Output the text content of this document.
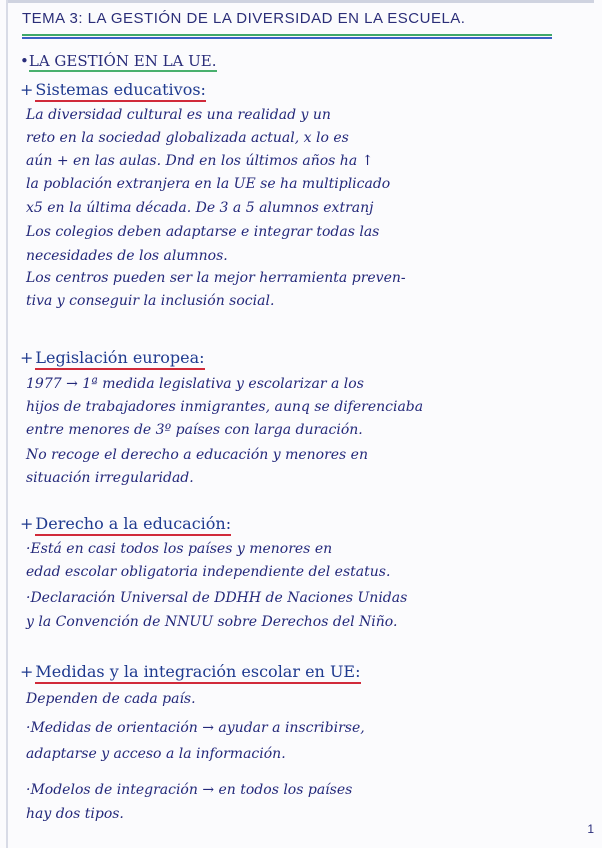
TEMA 3: LA GESTIÓN DE LA DIVERSIDAD EN LA ESCUELA.
•LA GESTIÓN EN LA UE.
+ Sistemas educativos:
La diversidad cultural es una realidad y un
reto en la sociedad globalizada actual, x lo es
aún + en las aulas. Dnd en los últimos años ha ↑
la población extranjera en la UE se ha multiplicado
x5 en la última década. De 3 a 5 alumnos extranj
Los colegios deben adaptarse e integrar todas las
necesidades de los alumnos.
Los centros pueden ser la mejor herramienta preven-
tiva y conseguir la inclusión social.
+ Legislación europea:
1977 → 1ª medida legislativa y escolarizar a los
hijos de trabajadores inmigrantes, aunq se diferenciaba
entre menores de 3º países con larga duración.
No recoge el derecho a educación y menores en
situación irregularidad.
+ Derecho a la educación:
·Está en casi todos los países y menores en
edad escolar obligatoria independiente del estatus.
·Declaración Universal de DDHH de Naciones Unidas
y la Convención de NNUU sobre Derechos del Niño.
+ Medidas y la integración escolar en UE:
Dependen de cada país.
·Medidas de orientación → ayudar a inscribirse,
adaptarse y acceso a la información.
·Modelos de integración → en todos los países
hay dos tipos.
1
